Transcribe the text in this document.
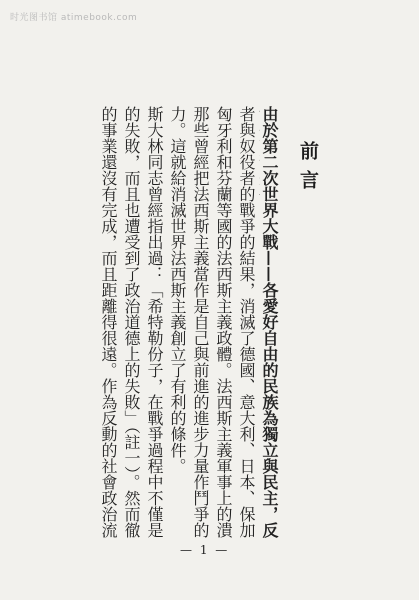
时光图书馆 atimebook.com
前言
由於第二次世界大戰——各愛好自由的民族為獨立與民主，反
者與奴役者的戰爭的結果，消滅了德國、意大利、日本、保加
匈牙利和芬蘭等國的法西斯主義政體。法西斯主義軍事上的潰
那些曾經把法西斯主義當作是自己與前進的進步力量作鬥爭的
力。這就給消滅世界法西斯主義創立了有利的條件。
斯大林同志曾經指出過：「希特勒份子，在戰爭過程中不僅是
的失敗，而且也遭受到了政治道德上的失敗」（註一）。然而徹
的事業還沒有完成，而且距離得很遠。作為反動的社會政治流
— 1 —
